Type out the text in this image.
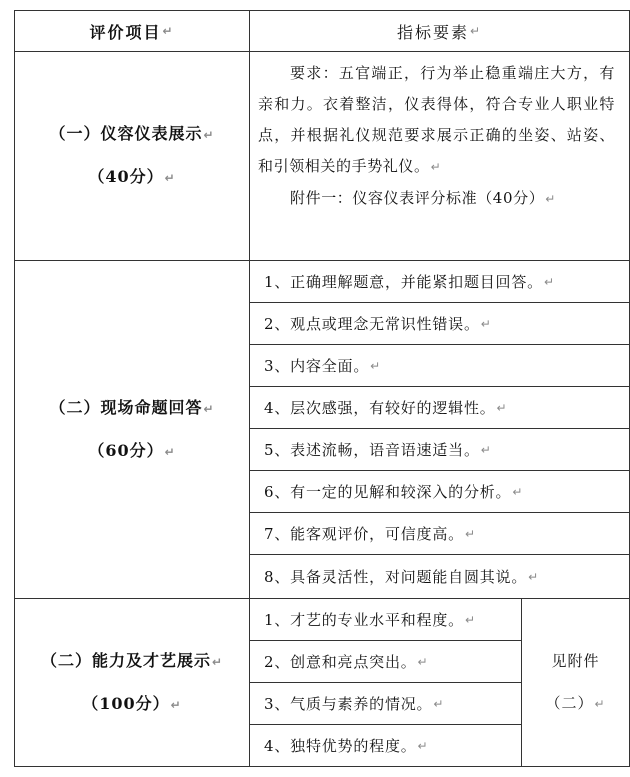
评价项目 ↵	指标要素 ↵
（一）仪容仪表展示↵
（40分）↵
要求：五官端正，行为举止稳重端庄大方，有亲和力。衣着整洁，仪表得体，符合专业人职业特点，并根据礼仪规范要求展示正确的坐姿、站姿、和引领相关的手势礼仪。↵
附件一：仪容仪表评分标准（40分）↵
（二）现场命题回答↵
（60分）↵
1、正确理解题意，并能紧扣题目回答。 ↵
2、观点或理念无常识性错误。 ↵
3、内容全面。 ↵
4、层次感强，有较好的逻辑性。 ↵
5、表述流畅，语音语速适当。 ↵
6、有一定的见解和较深入的分析。 ↵
7、能客观评价，可信度高。 ↵
8、具备灵活性，对问题能自圆其说。 ↵
（二）能力及才艺展示↵
（100分）↵
1、才艺的专业水平和程度。 ↵
2、创意和亮点突出。 ↵
3、气质与素养的情况。 ↵
4、独特优势的程度。 ↵
见附件
（二）↵
